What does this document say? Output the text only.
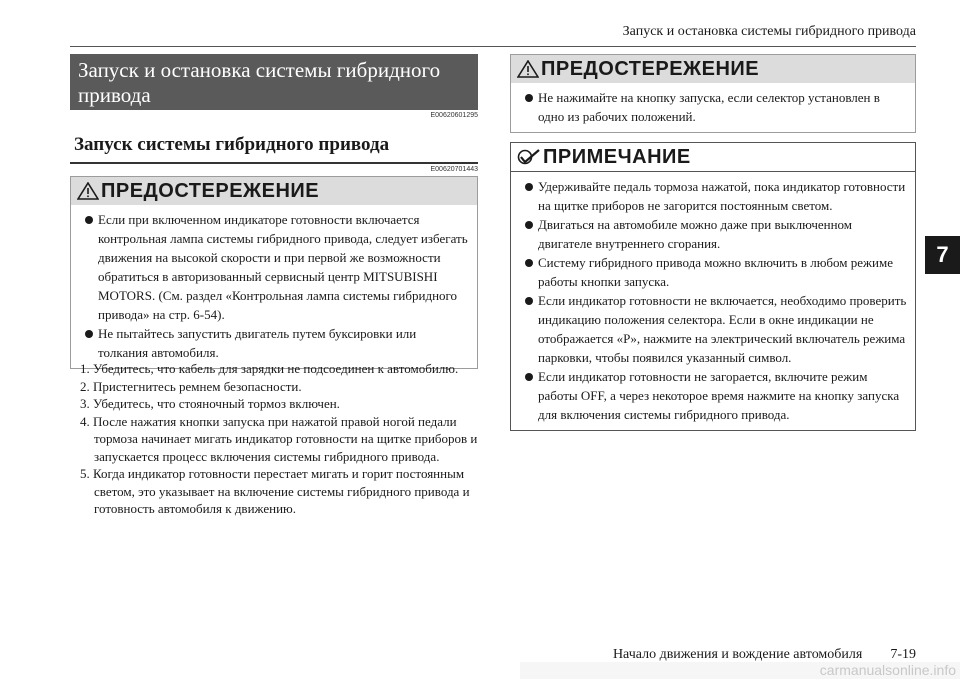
Запуск и остановка системы гибридного привода
7
Запуск и остановка системы гибридного привода
E00620601295
Запуск системы гибридного привода
E00620701443
ПРЕДОСТЕРЕЖЕНИЕ
Если при включенном индикаторе готовности включается контрольная лампа системы гибридного привода, следует избегать движения на высокой скорости и при первой же возможности обратиться в авторизованный сервисный центр MITSUBISHI MOTORS. (См. раздел «Контрольная лампа системы гибридного привода» на стр. 6-54).
Не пытайтесь запустить двигатель путем буксировки или толкания автомобиля.
1. Убедитесь, что кабель для зарядки не подсоединен к автомобилю.
2. Пристегнитесь ремнем безопасности.
3. Убедитесь, что стояночный тормоз включен.
4. После нажатия кнопки запуска при нажатой правой ногой педали тормоза начинает мигать индикатор готовности на щитке приборов и запускается процесс включения системы гибридного привода.
5. Когда индикатор готовности перестает мигать и горит постоянным светом, это указывает на включение системы гибридного привода и готовность автомобиля к движению.
ПРЕДОСТЕРЕЖЕНИЕ
Не нажимайте на кнопку запуска, если селектор установлен в одно из рабочих положений.
ПРИМЕЧАНИЕ
Удерживайте педаль тормоза нажатой, пока индикатор готовности на щитке приборов не загорится постоянным светом.
Двигаться на автомобиле можно даже при выключенном двигателе внутреннего сгорания.
Систему гибридного привода можно включить в любом режиме работы кнопки запуска.
Если индикатор готовности не включается, необходимо проверить индикацию положения селектора. Если в окне индикации не отображается «P», нажмите на электрический включатель режима парковки, чтобы появился указанный символ.
Если индикатор готовности не загорается, включите режим работы OFF, а через некоторое время нажмите на кнопку запуска для включения системы гибридного привода.
Начало движения и вождение автомобиля 7-19
carmanualsonline.info
